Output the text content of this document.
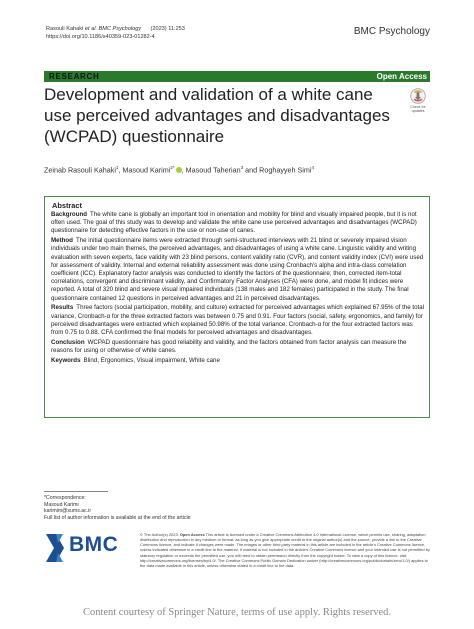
Rasouli Kahaki et al. BMC Psychology (2023) 11:253
https://doi.org/10.1186/s40359-023-01282-4	BMC Psychology
RESEARCH	Open Access
Development and validation of a white cane use perceived advantages and disadvantages (WCPAD) questionnaire
Check for
updates
Zeinab Rasouli Kahaki$^1$, Masoud Karimi$^{2*}$ , Masoud Taherian$^3$ and Roghayyeh Simi$^4$
Abstract

Background The white cane is globally an important tool in orientation and mobility for blind and visually impaired people, but it is not often used. The goal of this study was to develop and validate the white cane use perceived advantages and disadvantages (WCPAD) questionnaire for detecting effective factors in the use or non-use of canes.

Method The initial questionnaire items were extracted through semi-structured interviews with 21 blind or severely impaired vision individuals under two main themes, the perceived advantages, and disadvantages of using a white cane. Linguistic validity and writing evaluation with seven experts, face validity with 23 blind persons, content validity ratio (CVR), and content validity index (CVI) were used for assessment of validity. Internal and external reliability assessment was done using Cronbach's alpha and intra-class correlation coefficient (ICC). Explanatory factor analysis was conducted to identify the factors of the questionnaire; then, corrected item-total correlations, convergent and discriminant validity, and Confirmatory Factor Analyses (CFA) were done, and model fit indices were reported. A total of 320 blind and severe visual impaired individuals (138 males and 182 females) participated in the study. The final questionnaire contained 12 questions in perceived advantages and 21 in perceived disadvantages.

Results Three factors (social participation, mobility, and culture) extracted for perceived advantages which explained 67.95% of the total variance, Cronbach-α for the three extracted factors was between 0.75 and 0.91. Four factors (social, safety, ergonomics, and family) for perceived disadvantages were extracted which explained 50.98% of the total variance. Cronbach-α for the four extracted factors was from 0.75 to 0.88. CFA confirmed the final models for perceived advantages and disadvantages.

Conclusion WCPAD questionnaire has good reliability and validity, and the factors obtained from factor analysis can measure the reasons for using or otherwise of white canes.

Keywords Blind, Ergonomics, Visual impairment, White cane

*Correspondence:
Masoud Karimi
karimim@sums.ac.ir
Full list of author information is available at the end of the article
BMC	© The Author(s) 2023. Open Access This article is licensed under a Creative Commons Attribution 4.0 International License, which permits use, sharing, adaptation, distribution and reproduction in any medium or format, as long as you give appropriate credit to the original author(s) and the source, provide a link to the Creative Commons licence, and indicate if changes were made. The images or other third party material in this article are included in the article's Creative Commons licence, unless indicated otherwise in a credit line to the material. If material is not included in the article's Creative Commons licence and your intended use is not permitted by statutory regulation or exceeds the permitted use, you will need to obtain permission directly from the copyright holder. To view a copy of this licence, visit http://creativecommons.org/licenses/by/4.0/. The Creative Commons Public Domain Dedication waiver (http://creativecommons.org/publicdomain/zero/1.0/) applies to the data made available in this article, unless otherwise stated in a credit line to the data.
Content courtesy of Springer Nature, terms of use apply. Rights reserved.
